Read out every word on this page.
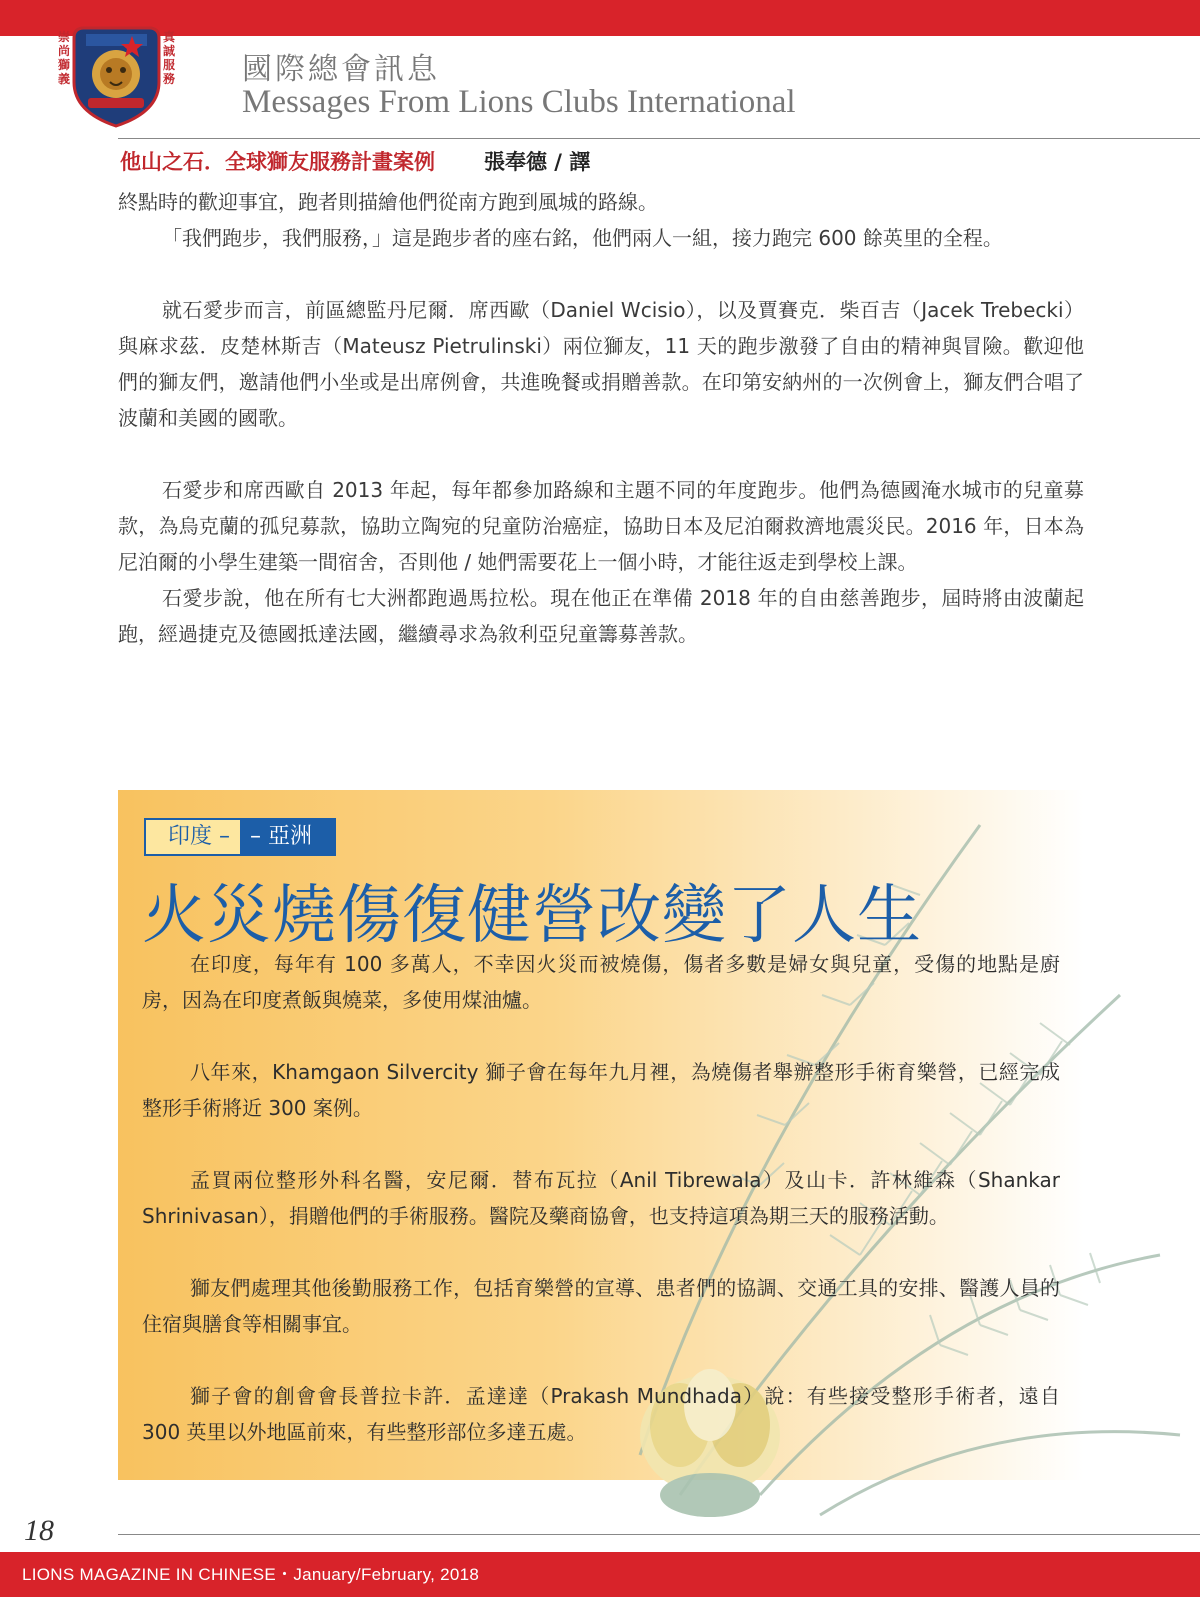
崇尚獅義
真誠服務 國際總會訊息
Messages From Lions Clubs International
他山之石．全球獅友服務計畫案例 張奉德 / 譯

終點時的歡迎事宜，跑者則描繪他們從南方跑到風城的路線。

「我們跑步，我們服務，」這是跑步者的座右銘，他們兩人一組，接力跑完 600 餘英里的全程。

就石愛步而言，前區總監丹尼爾．席西歐（Daniel Wcisio），以及賈賽克．柴百吉（Jacek Trebecki）與麻求茲．皮楚林斯吉（Mateusz Pietrulinski）兩位獅友，11 天的跑步激發了自由的精神與冒險。歡迎他們的獅友們，邀請他們小坐或是出席例會，共進晚餐或捐贈善款。在印第安納州的一次例會上，獅友們合唱了波蘭和美國的國歌。

石愛步和席西歐自 2013 年起，每年都參加路線和主題不同的年度跑步。他們為德國淹水城市的兒童募款，為烏克蘭的孤兒募款，協助立陶宛的兒童防治癌症，協助日本及尼泊爾救濟地震災民。2016 年，日本為尼泊爾的小學生建築一間宿舍，否則他 / 她們需要花上一個小時，才能往返走到學校上課。

石愛步說，他在所有七大洲都跑過馬拉松。現在他正在準備 2018 年的自由慈善跑步，屆時將由波蘭起跑，經過捷克及德國抵達法國，繼續尋求為敘利亞兒童籌募善款。

印度 – – 亞洲
火災燒傷復健營改變了人生

在印度，每年有 100 多萬人，不幸因火災而被燒傷，傷者多數是婦女與兒童，受傷的地點是廚房，因為在印度煮飯與燒菜，多使用煤油爐。

八年來，Khamgaon Silvercity 獅子會在每年九月裡，為燒傷者舉辦整形手術育樂營，已經完成整形手術將近 300 案例。

孟買兩位整形外科名醫，安尼爾．替布瓦拉（Anil Tibrewala）及山卡．許林維森（Shankar Shrinivasan），捐贈他們的手術服務。醫院及藥商協會，也支持這項為期三天的服務活動。

獅友們處理其他後勤服務工作，包括育樂營的宣導、患者們的協調、交通工具的安排、醫護人員的住宿與膳食等相關事宜。

獅子會的創會會長普拉卡許．孟達達（Prakash Mundhada）說：有些接受整形手術者，遠自 300 英里以外地區前來，有些整形部位多達五處。

18
LIONS MAGAZINE IN CHINESE・January/February, 2018
